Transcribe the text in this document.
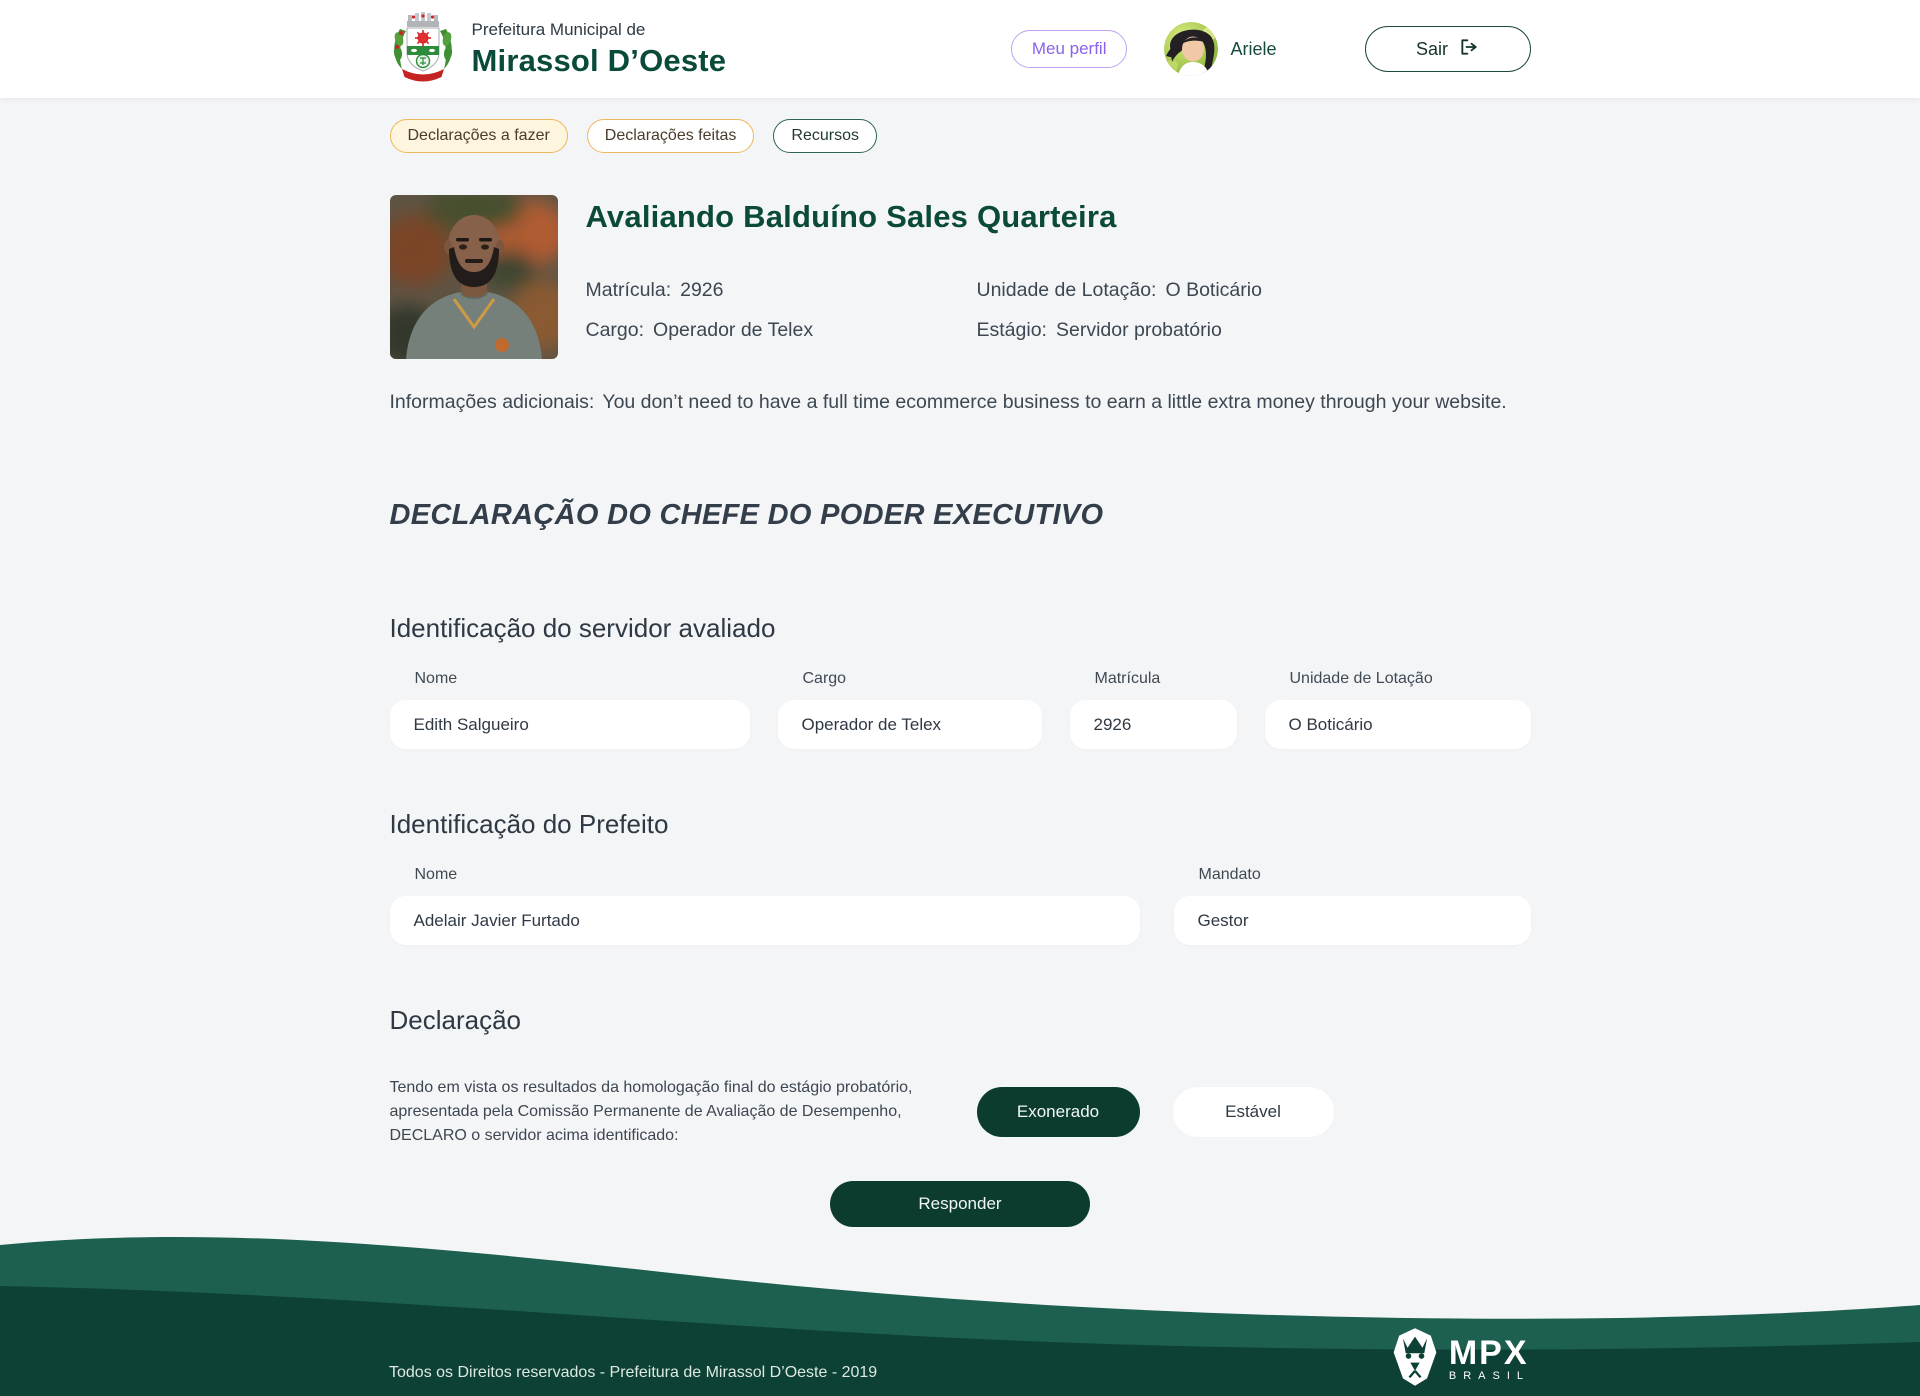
Prefeitura Municipal de
Mirassol D’Oeste	Meu perfil	Ariele	Sair
Declarações a fazer	Declarações feitas	Recursos
Avaliando Balduíno Sales Quarteira
Matrícula: 2926	Unidade de Lotação: O Boticário
Cargo: Operador de Telex	Estágio: Servidor probatório
Informações adicionais: You don’t need to have a full time ecommerce business to earn a little extra money through your website.
DECLARAÇÃO DO CHEFE DO PODER EXECUTIVO
Identificação do servidor avaliado
Nome
Edith Salgueiro
Cargo
Operador de Telex
Matrícula
2926
Unidade de Lotação
O Boticário
Identificação do Prefeito
Nome
Adelair Javier Furtado
Mandato
Gestor
Declaração

Tendo em vista os resultados da homologação final do estágio probatório, apresentada pela Comissão Permanente de Avaliação de Desempenho, DECLARO o servidor acima identificado:

Exonerado	Estável
Responder
Todos os Direitos reservados - Prefeitura de Mirassol D’Oeste - 2019
MPX
BRASIL
